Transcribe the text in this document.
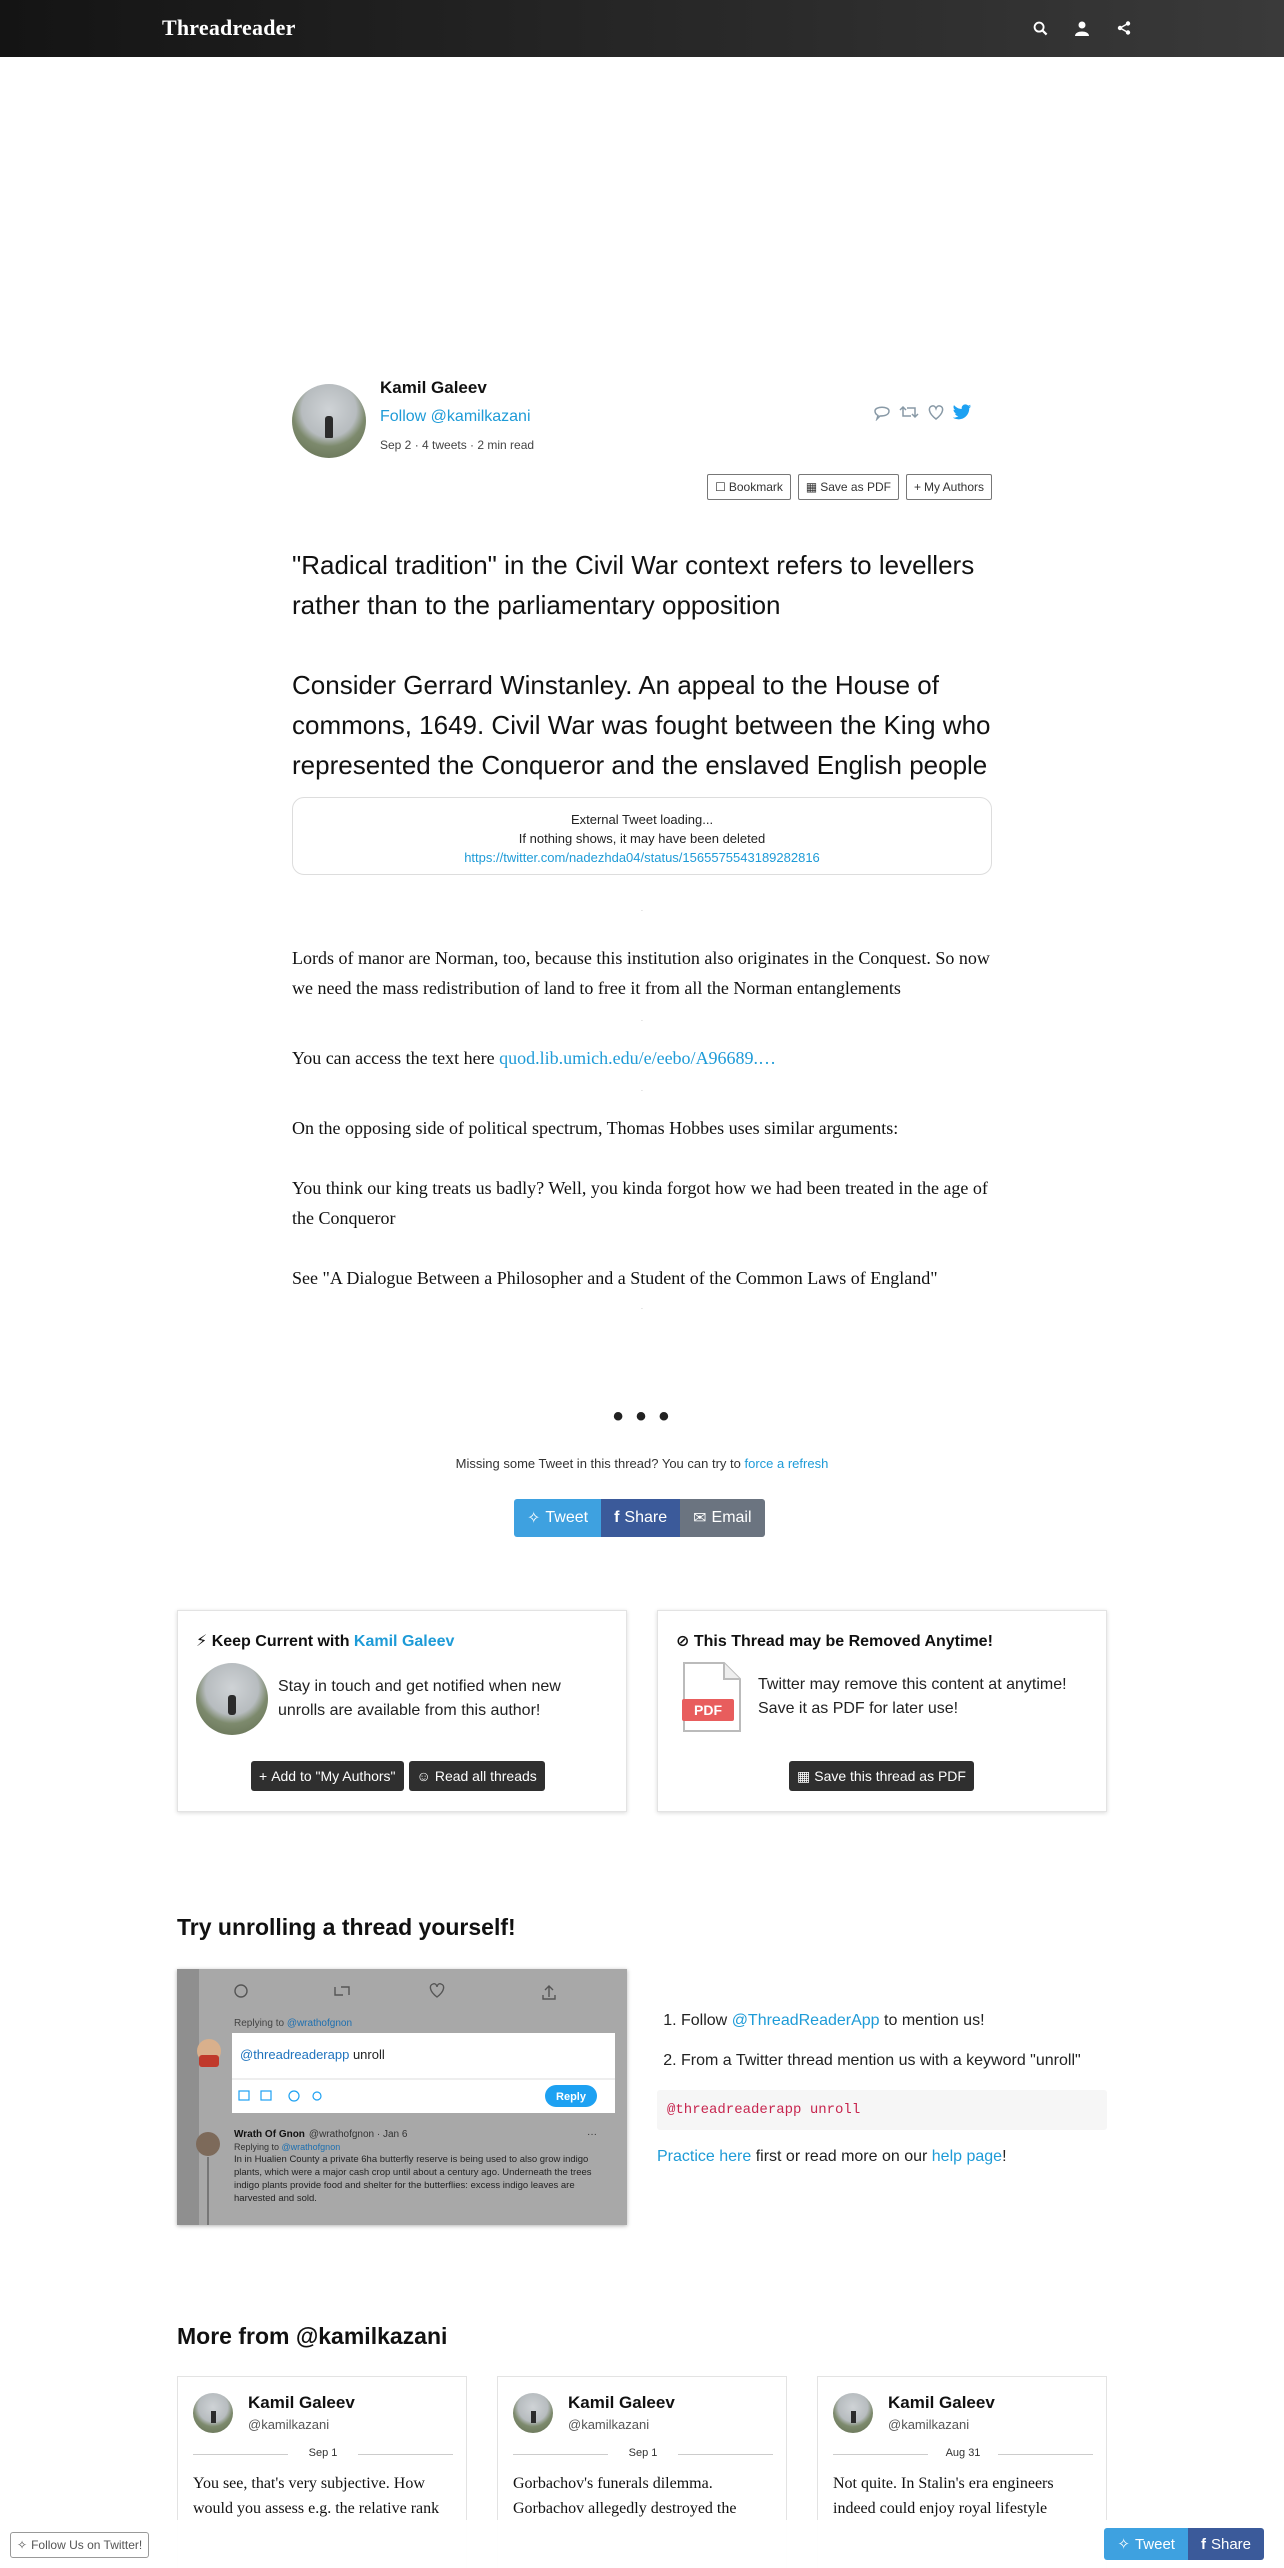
Threadreader
Kamil Galeev
Follow @kamilkazani
Sep 2 · 4 tweets · 2 min read
☐ Bookmark ▦ Save as PDF + My Authors

"Radical tradition" in the Civil War context refers to levellers rather than to the parliamentary opposition

Consider Gerrard Winstanley. An appeal to the House of commons, 1649. Civil War was fought between the King who represented the Conqueror and the enslaved English people

External Tweet loading...
If nothing shows, it may have been deleted
https://twitter.com/nadezhda04/status/1565575543189282816
·

Lords of manor are Norman, too, because this institution also originates in the Conquest. So now we need the mass redistribution of land to free it from all the Norman entanglements

·

You can access the text here quod.lib.umich.edu/e/eebo/A96689.…

·

On the opposing side of political spectrum, Thomas Hobbes uses similar arguments:

You think our king treats us badly? Well, you kinda forgot how we had been treated in the age of the Conqueror

See "A Dialogue Between a Philosopher and a Student of the Common Laws of England"

·
• • •
Missing some Tweet in this thread? You can try to force a refresh
✧ Tweet f Share ✉ Email
⚡︎ Keep Current with Kamil Galeev

Stay in touch and get notified when new unrolls are available from this author!

+ Add to "My Authors" ☺ Read all threads
⊘ This Thread may be Removed Anytime!
PDF

Twitter may remove this content at anytime! Save it as PDF for later use!

▦ Save this thread as PDF
Try unrolling a thread yourself!
Replying to @wrathofgnon
@threadreaderapp unroll
Reply
Wrath Of Gnon @wrathofgnon · Jan 6	···
Replying to @wrathofgnon
In in Hualien County a private 6ha butterfly reserve is being used to also grow indigo plants, which were a major cash crop until about a century ago. Underneath the trees indigo plants provide food and shelter for the butterflies: excess indigo leaves are harvested and sold.
1. Follow @ThreadReaderApp to mention us!
2. From a Twitter thread mention us with a keyword "unroll"
@threadreaderapp unroll
Practice here first or read more on our help page!
More from @kamilkazani
Kamil Galeev
@kamilkazani
Sep 1
You see, that's very subjective. How would you assess e.g. the relative rank
Kamil Galeev
@kamilkazani
Sep 1
Gorbachov's funerals dilemma. Gorbachov allegedly destroyed the
Kamil Galeev
@kamilkazani
Aug 31
Not quite. In Stalin's era engineers indeed could enjoy royal lifestyle
✧ Follow Us on Twitter!	✧ Tweet f Share
